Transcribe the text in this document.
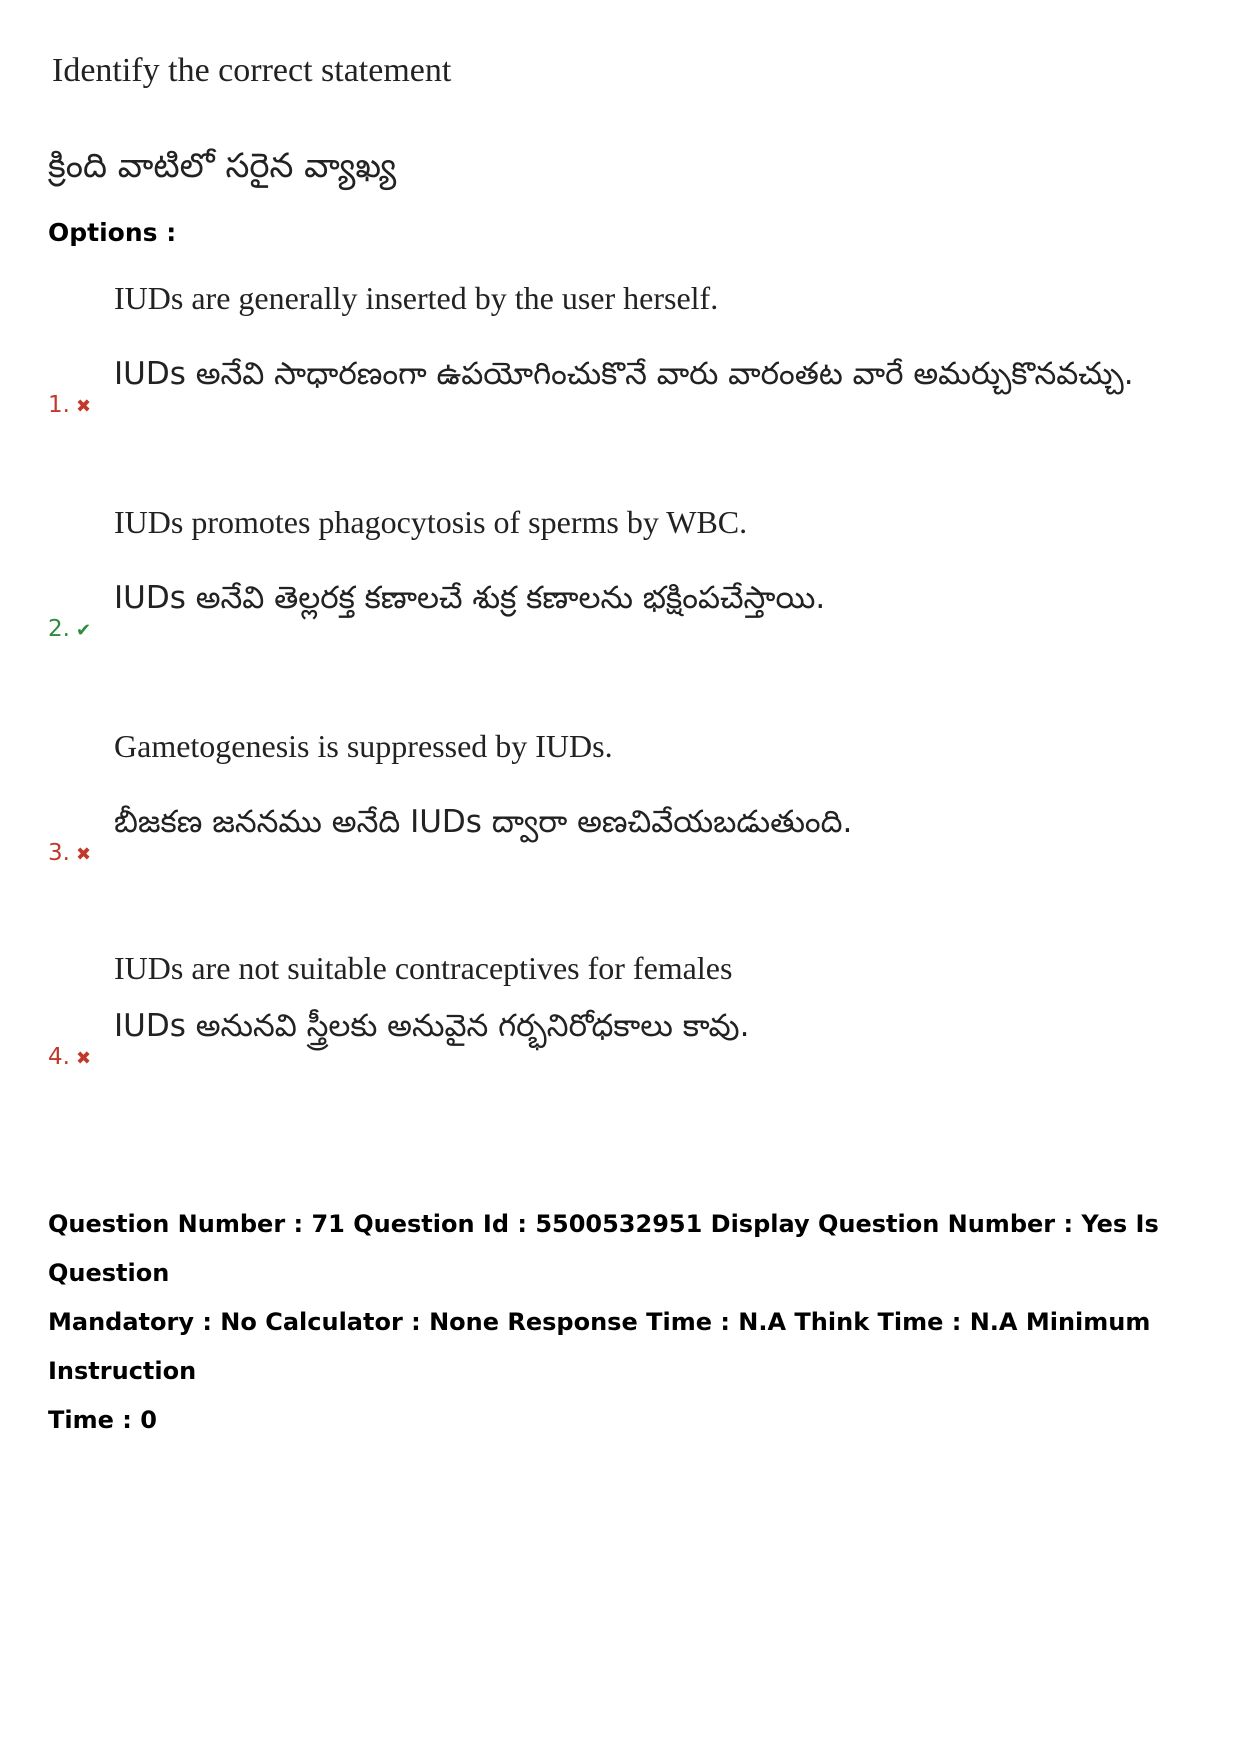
Identify the correct statement
క్రింది వాటిలో సరైన వ్యాఖ్య
Options :
IUDs are generally inserted by the user herself.
IUDs అనేవి సాధారణంగా ఉపయోగించుకొనే వారు వారంతట వారే అమర్చుకొనవచ్చు.
1. ✖
IUDs promotes phagocytosis of sperms by WBC.
IUDs అనేవి తెల్లరక్త కణాలచే శుక్ర కణాలను భక్షింపచేస్తాయి.
2. ✔
Gametogenesis is suppressed by IUDs.
బీజకణ జననము అనేది IUDs ద్వారా అణచివేయబడుతుంది.
3. ✖
IUDs are not suitable contraceptives for females
IUDs అనునవి స్త్రీలకు అనువైన గర్భనిరోధకాలు కావు.
4. ✖
Question Number : 71 Question Id : 5500532951 Display Question Number : Yes Is Question
Mandatory : No Calculator : None Response Time : N.A Think Time : N.A Minimum Instruction
Time : 0
